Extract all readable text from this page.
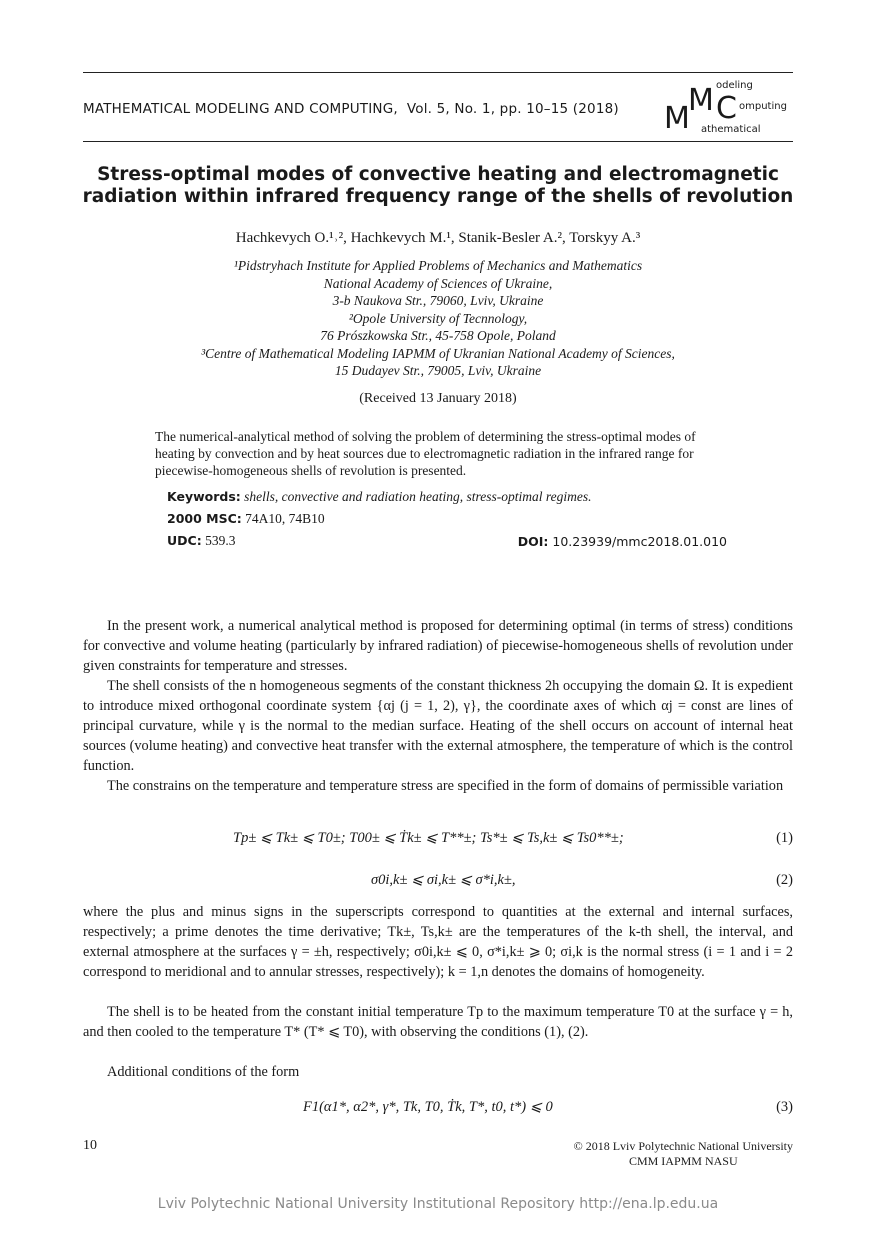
MATHEMATICAL MODELING AND COMPUTING, Vol. 5, No. 1, pp. 10–15 (2018) M
M C
odeling
omputing
athematical
Stress-optimal modes of convective heating and electromagnetic
radiation within infrared frequency range of the shells of revolution
Hachkevych O.¹˒², Hachkevych M.¹, Stanik-Besler A.², Torskyy A.³
¹Pidstryhach Institute for Applied Problems of Mechanics and Mathematics
National Academy of Sciences of Ukraine,
3-b Naukova Str., 79060, Lviv, Ukraine
²Opole University of Tecnnology,
76 Prószkowska Str., 45-758 Opole, Poland
³Centre of Mathematical Modeling IAPMM of Ukranian National Academy of Sciences,
15 Dudayev Str., 79005, Lviv, Ukraine
(Received 13 January 2018)
The numerical-analytical method of solving the problem of determining the stress-optimal modes of heating by convection and by heat sources due to electromagnetic radiation in the infrared range for piecewise-homogeneous shells of revolution is presented.
Keywords: shells, convective and radiation heating, stress-optimal regimes.
2000 MSC: 74A10, 74B10
UDC: 539.3	DOI: 10.23939/mmc2018.01.010
In the present work, a numerical analytical method is proposed for determining optimal (in terms of stress) conditions for convective and volume heating (particularly by infrared radiation) of piecewise-homogeneous shells of revolution under given constraints for temperature and stresses.
The shell consists of the n homogeneous segments of the constant thickness 2h occupying the domain Ω. It is expedient to introduce mixed orthogonal coordinate system {αj (j = 1, 2), γ}, the coordinate axes of which αj = const are lines of principal curvature, while γ is the normal to the median surface. Heating of the shell occurs on account of internal heat sources (volume heating) and convective heat transfer with the external atmosphere, the temperature of which is the control function.
The constrains on the temperature and temperature stress are specified in the form of domains of permissible variation
Tp± ⩽ Tk± ⩽ T0±; T00± ⩽ Ṫk± ⩽ T**±; Ts*± ⩽ Ts,k± ⩽ Ts0**±;	(1)
σ0i,k± ⩽ σi,k± ⩽ σ*i,k±,	(2)
where the plus and minus signs in the superscripts correspond to quantities at the external and internal surfaces, respectively; a prime denotes the time derivative; Tk±, Ts,k± are the temperatures of the k-th shell, the interval, and external atmosphere at the surfaces γ = ±h, respectively; σ0i,k± ⩽ 0, σ*i,k± ⩾ 0; σi,k is the normal stress (i = 1 and i = 2 correspond to meridional and to annular stresses, respectively); k = 1,n denotes the domains of homogeneity.
The shell is to be heated from the constant initial temperature Tp to the maximum temperature T0 at the surface γ = h, and then cooled to the temperature T* (T* ⩽ T0), with observing the conditions (1), (2).
Additional conditions of the form
F1(α1*, α2*, γ*, Tk, T0, Ṫk, T*, t0, t*) ⩽ 0	(3)
10	© 2018 Lviv Polytechnic National University
CMM IAPMM NASU
Lviv Polytechnic National University Institutional Repository http://ena.lp.edu.ua
